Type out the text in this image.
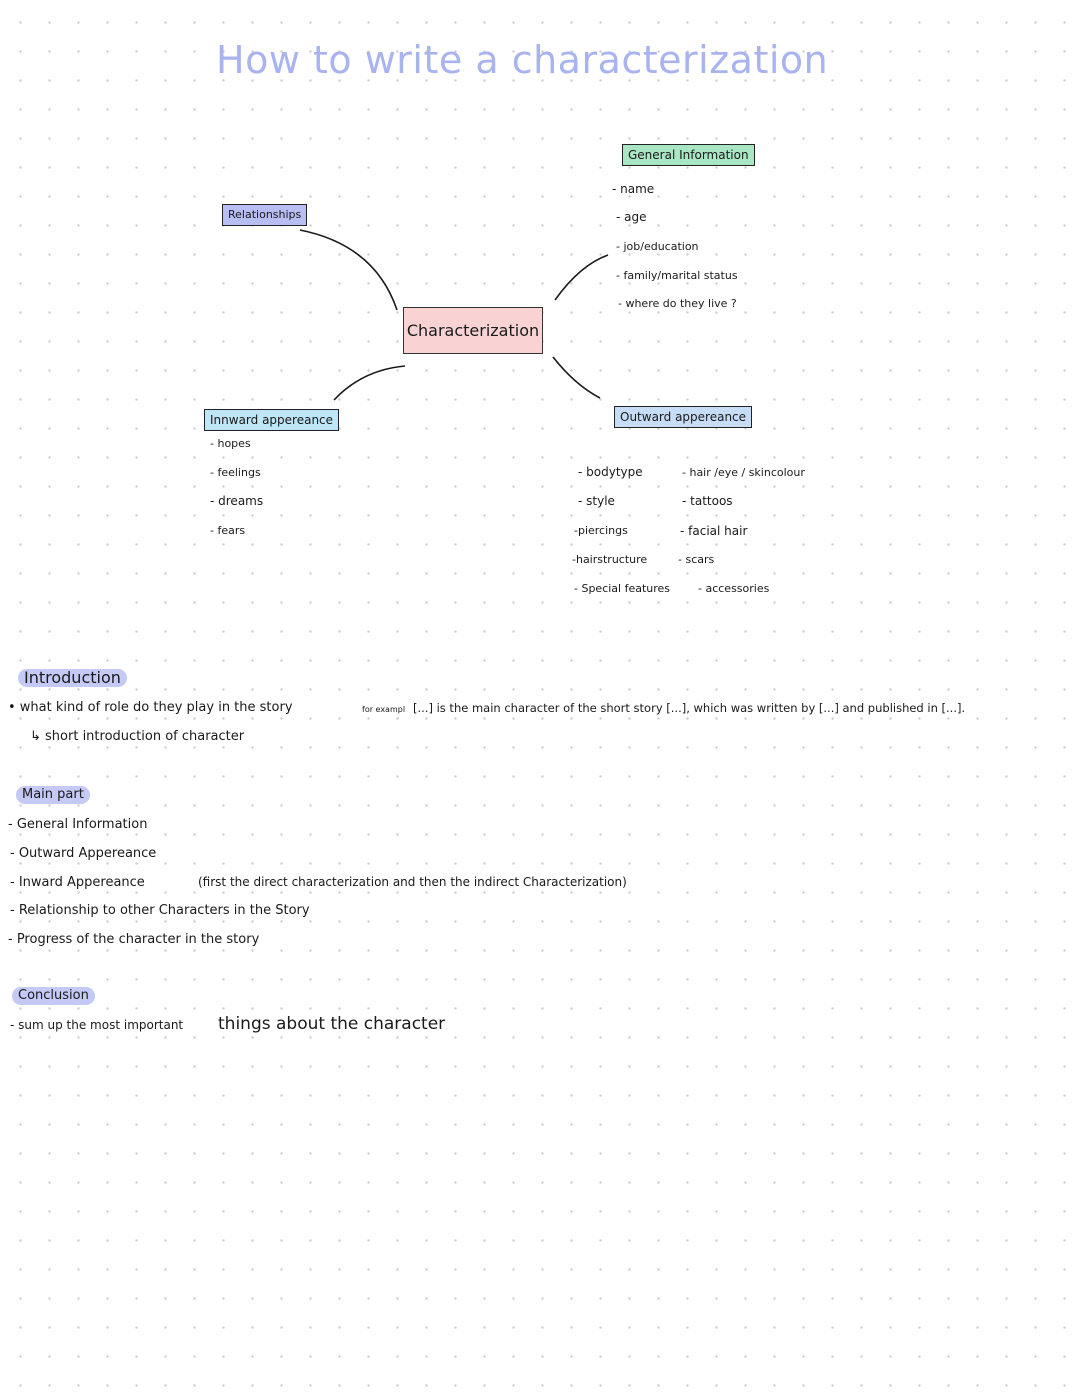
How to write a characterization
Characterization
Relationships
General Information
- name
- age
- job/education
- family/marital status
- where do they live ?
Innward appereance
- hopes
- feelings
- dreams
- fears
Outward appereance
- bodytype
- style
-piercings
-hairstructure
- Special features
- hair /eye / skincolour
- tattoos
- facial hair
- scars
- accessories
Introduction
• what kind of role do they play in the story	for exampl [...] is the main character of the short story [...], which was written by [...] and published in [...].
↳ short introduction of character
Main part
- General Information
- Outward Appereance
- Inward Appereance	(first the direct characterization and then the indirect Characterization)
- Relationship to other Characters in the Story
- Progress of the character in the story
Conclusion
- sum up the most important things about the character
